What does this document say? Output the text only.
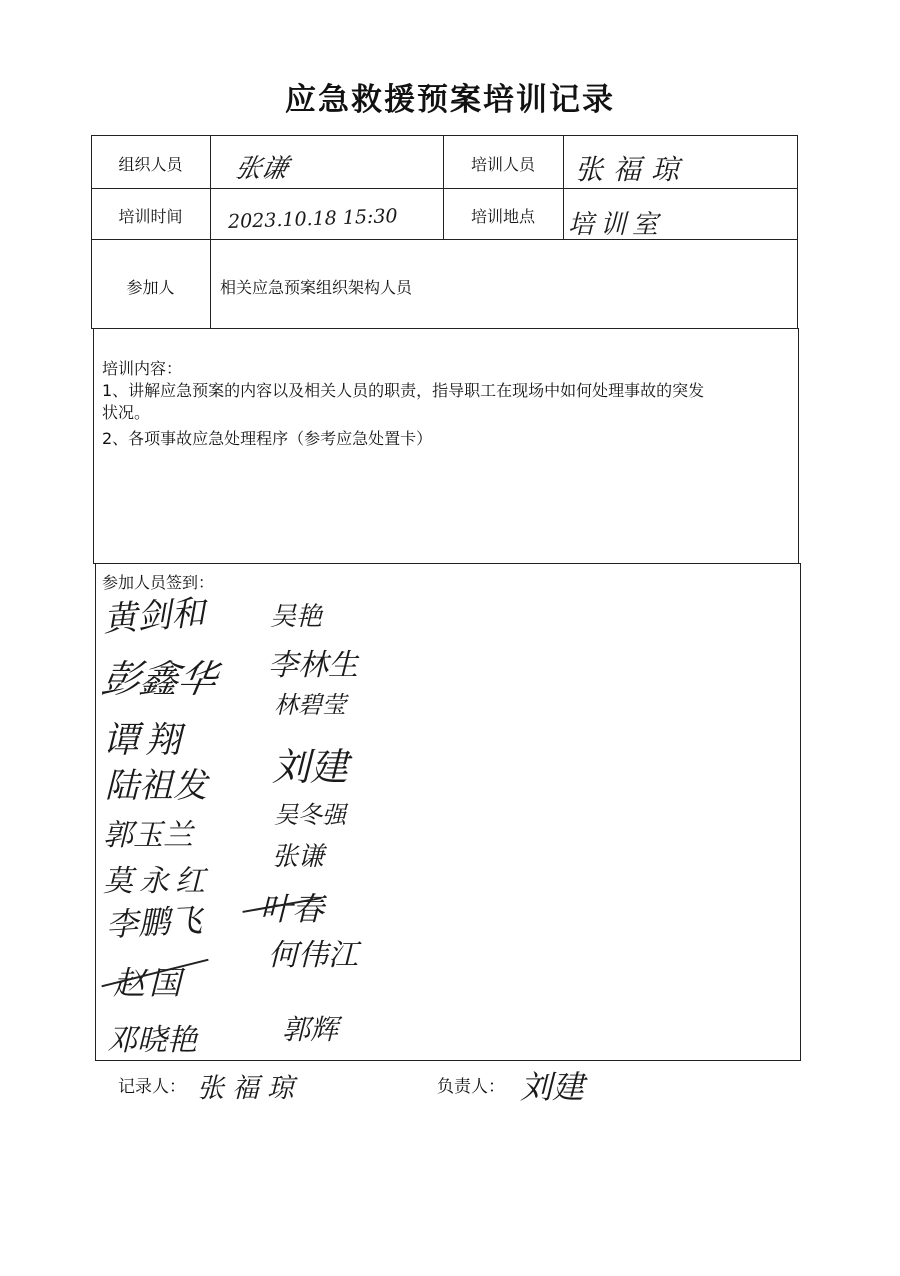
应急救援预案培训记录
组织人员	张谦	培训人员	张福琼
培训时间	2023.10.18 15:30	培训地点	培训室
参加人	相关应急预案组织架构人员
培训内容：
1、讲解应急预案的内容以及相关人员的职责，指导职工在现场中如何处理事故的突发
状况。
2、各项事故应急处理程序（参考应急处置卡）
参加人员签到：
黄剑和
彭鑫华
谭翔
陆祖发
郭玉兰
莫永红
李鹏飞
赵国
邓晓艳
吴艳
李林生
林碧莹
刘建
吴冬强
张谦
叶春
何伟江
郭辉
记录人： 张福琼	负责人： 刘建
